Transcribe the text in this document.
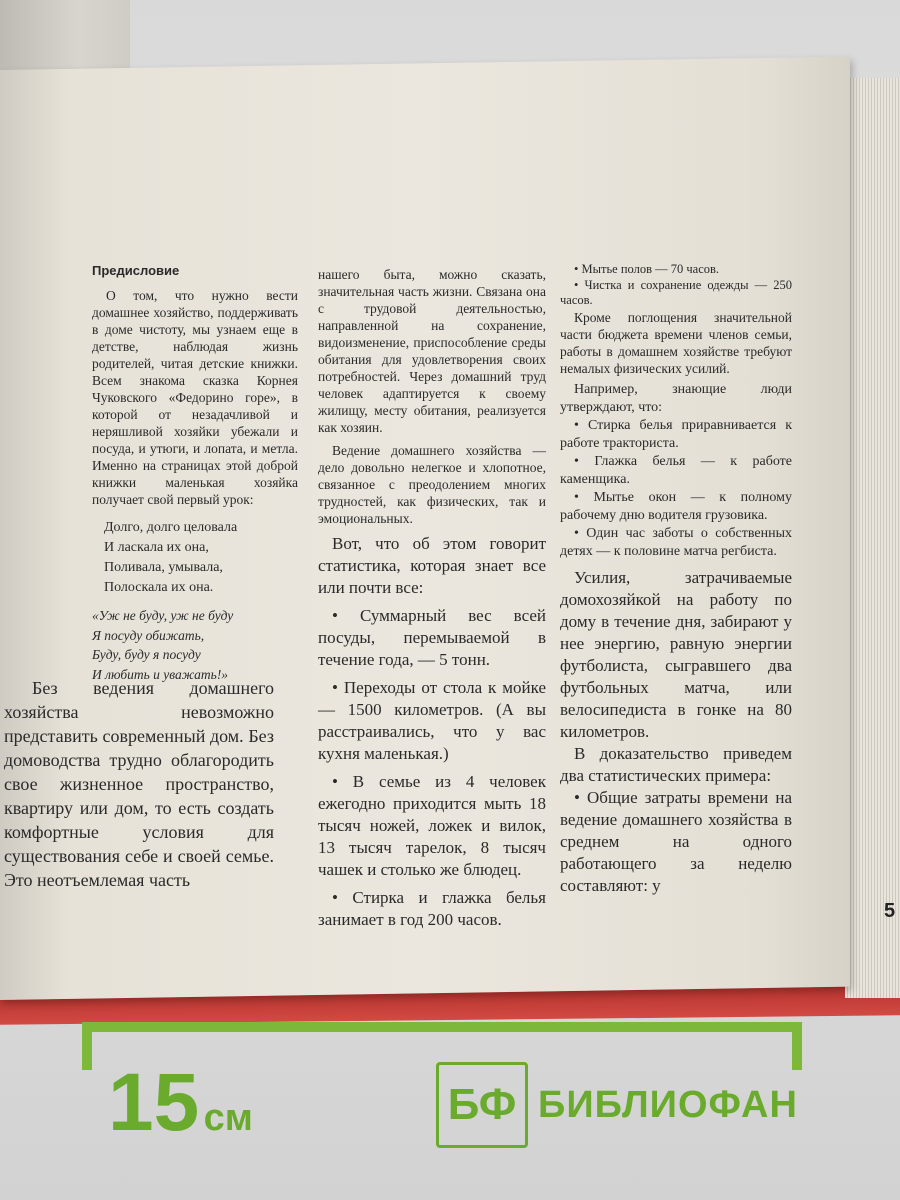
Предисловие

О том, что нужно вести домашнее хозяйство, поддерживать в доме чистоту, мы узнаем еще в детстве, наблюдая жизнь родителей, читая детские книжки. Всем знакома сказка Корнея Чуковского «Федорино горе», в которой от незадачливой и неряшливой хозяйки убежали и посуда, и утюги, и лопата, и метла. Именно на страницах этой доброй книжки маленькая хозяйка получает свой первый урок:

Долго, долго целовала

И ласкала их она,

Поливала, умывала,

Полоскала их она.

«Уж не буду, уж не буду

Я посуду обижать,

Буду, буду я посуду

И любить и уважать!»

Без ведения домашнего хозяйства невозможно представить современный дом. Без домоводства трудно облагородить свое жизненное пространство, квартиру или дом, то есть создать комфортные условия для существования себе и своей семье. Это неотъемлемая часть

нашего быта, можно сказать, значительная часть жизни. Связана она с трудовой деятельностью, направленной на сохранение, видоизменение, приспособление среды обитания для удовлетворения своих потребностей. Через домашний труд человек адаптируется к своему жилищу, месту обитания, реализуется как хозяин.

Ведение домашнего хозяйства — дело довольно нелегкое и хлопотное, связанное с преодолением многих трудностей, как физических, так и эмоциональных.

Вот, что об этом говорит статистика, которая знает все или почти все:

• Суммарный вес всей посуды, перемываемой в течение года, — 5 тонн.

• Переходы от стола к мойке — 1500 километров. (А вы расстраивались, что у вас кухня маленькая.)

• В семье из 4 человек ежегодно приходится мыть 18 тысяч ножей, ложек и вилок, 13 тысяч тарелок, 8 тысяч чашек и столько же блюдец.

• Стирка и глажка белья занимает в год 200 часов.

• Мытье полов — 70 часов.

• Чистка и сохранение одежды — 250 часов.

Кроме поглощения значительной части бюджета времени членов семьи, работы в домашнем хозяйстве требуют немалых физических усилий.

Например, знающие люди утверждают, что:

• Стирка белья приравнивается к работе тракториста.

• Глажка белья — к работе каменщика.

• Мытье окон — к полному рабочему дню водителя грузовика.

• Один час заботы о собственных детях — к половине матча регбиста.

Усилия, затрачиваемые домохозяйкой на работу по дому в течение дня, забирают у нее энергию, равную энергии футболиста, сыгравшего два футбольных матча, или велосипедиста в гонке на 80 километров.

В доказательство приведем два статистических примера:

• Общие затраты времени на ведение домашнего хозяйства в среднем на одного работающего за неделю составляют: у

5
15 см	БФ БИБЛИОФАН
